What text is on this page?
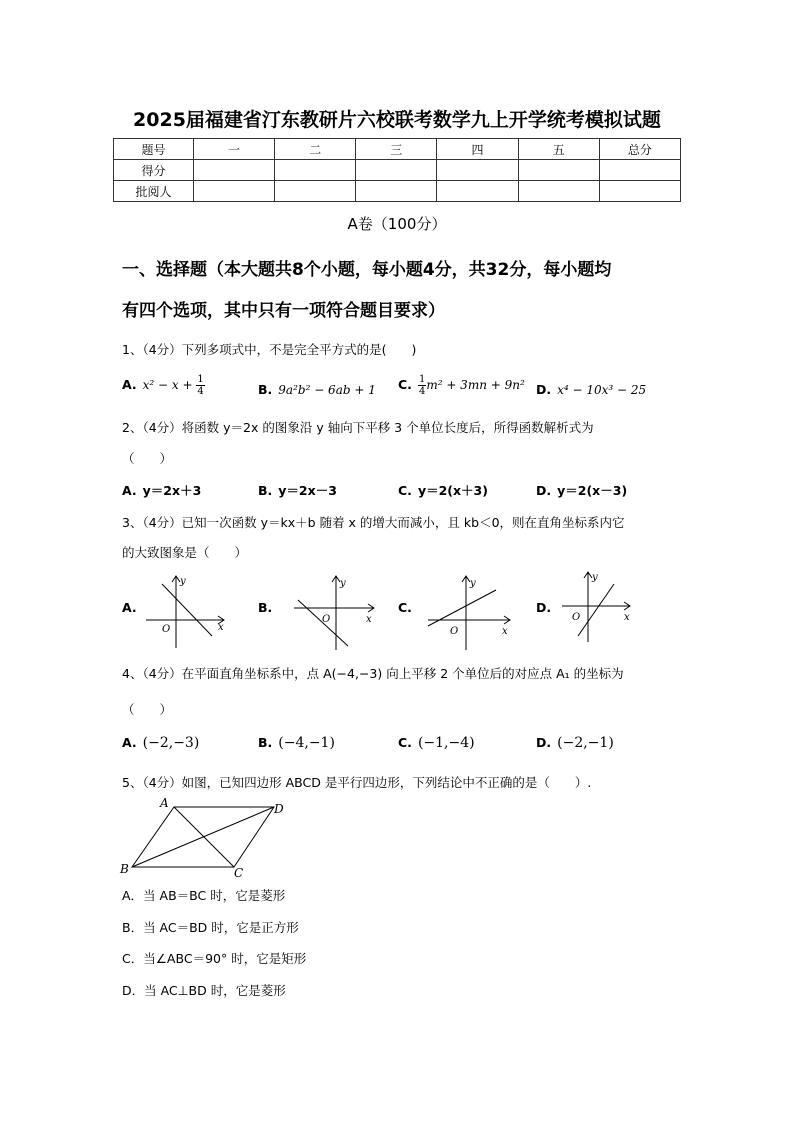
2025届福建省汀东教研片六校联考数学九上开学统考模拟试题
题号	一	二	三	四	五	总分
得分						
批阅人						
A卷（100分）
一、选择题（本大题共8个小题，每小题4分，共32分，每小题均
有四个选项，其中只有一项符合题目要求）
1、（4分）下列多项式中，不是完全平方式的是(　　)
A. $x^2 - x + \frac{1}{4}$	B. 9a²b² − 6ab + 1 C. $\frac{1}{4} m^2 + 3mn + 9n^2$ D. x⁴ − 10x³ − 25
2、（4分）将函数 y＝2x 的图象沿 y 轴向下平移 3 个单位长度后，所得函数解析式为
（　　）
A. y＝2x＋3	B. y＝2x－3	C. y＝2(x＋3)	D. y＝2(x－3)
3、（4分）已知一次函数 y＝kx＋b 随着 x 的增大而减小，且 kb＜0，则在直角坐标系内它
的大致图象是（　　）
A.
y
x
O
B.
y
x
O
C.
y
x
O
D.
y
x
O
4、（4分）在平面直角坐标系中，点 A(−4,−3) 向上平移 2 个单位后的对应点 A₁ 的坐标为
（　　）
A. (−2,−3)	B. (−4,−1)	C. (−1,−4)	D. (−2,−1)
5、（4分）如图，已知四边形 ABCD 是平行四边形，下列结论中不正确的是（　　）.
A	D
B	C
A．当 AB＝BC 时，它是菱形
B．当 AC＝BD 时，它是正方形
C．当∠ABC＝90° 时，它是矩形
D．当 AC⊥BD 时，它是菱形
